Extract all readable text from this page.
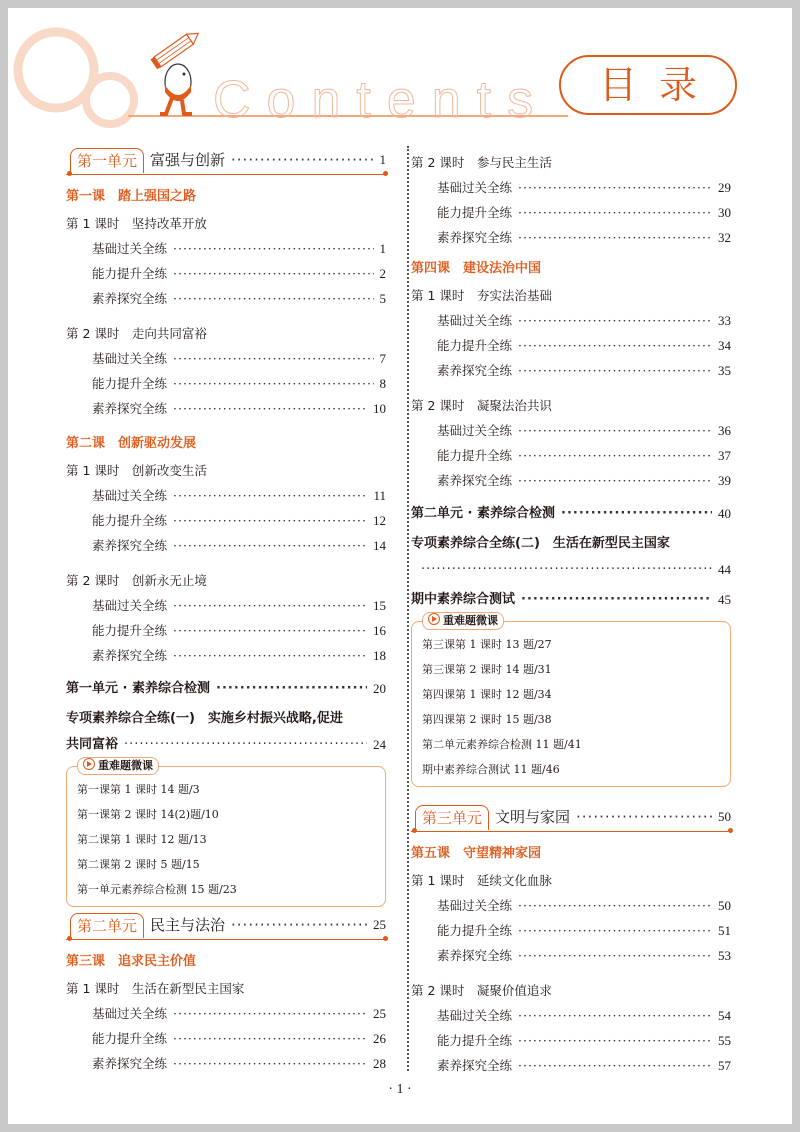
Contents	目录
第一单元 富强与创新
·····	1
第一课　踏上强国之路
第 1 课时　坚持改革开放
基础过关全练
·····	1
能力提升全练
·····	2
素养探究全练
·····	5
第 2 课时　走向共同富裕
基础过关全练
·····	7
能力提升全练
·····	8
素养探究全练
·····	10
第二课　创新驱动发展
第 1 课时　创新改变生活
基础过关全练
·····	11
能力提升全练
·····	12
素养探究全练
·····	14
第 2 课时　创新永无止境
基础过关全练
·····	15
能力提升全练
·····	16
素养探究全练
·····	18
第一单元 · 素养综合检测
·····	20
专项素养综合全练(一)　实施乡村振兴战略,促进
共同富裕
·····	24
重难题微课
第一课第 1 课时 14 题/3
第一课第 2 课时 14(2)题/10
第二课第 1 课时 12 题/13
第二课第 2 课时 5 题/15
第一单元素养综合检测 15 题/23
第二单元 民主与法治
·····	25
第三课　追求民主价值
第 1 课时　生活在新型民主国家
基础过关全练
·····	25
能力提升全练
·····	26
素养探究全练
·····	28
第 2 课时　参与民主生活
基础过关全练
·····	29
能力提升全练
·····	30
素养探究全练
·····	32
第四课　建设法治中国
第 1 课时　夯实法治基础
基础过关全练
·····	33
能力提升全练
·····	34
素养探究全练
·····	35
第 2 课时　凝聚法治共识
基础过关全练
·····	36
能力提升全练
·····	37
素养探究全练
·····	39
第二单元 · 素养综合检测
·····	40
专项素养综合全练(二)　生活在新型民主国家
·····
44
期中素养综合测试
·····	45
重难题微课
第三课第 1 课时 13 题/27
第三课第 2 课时 14 题/31
第四课第 1 课时 12 题/34
第四课第 2 课时 15 题/38
第二单元素养综合检测 11 题/41
期中素养综合测试 11 题/46
第三单元 文明与家园
·····	50
第五课　守望精神家园
第 1 课时　延续文化血脉
基础过关全练
·····	50
能力提升全练
·····	51
素养探究全练
·····	53
第 2 课时　凝聚价值追求
基础过关全练
·····	54
能力提升全练
·····	55
素养探究全练
·····	57
· 1 ·
